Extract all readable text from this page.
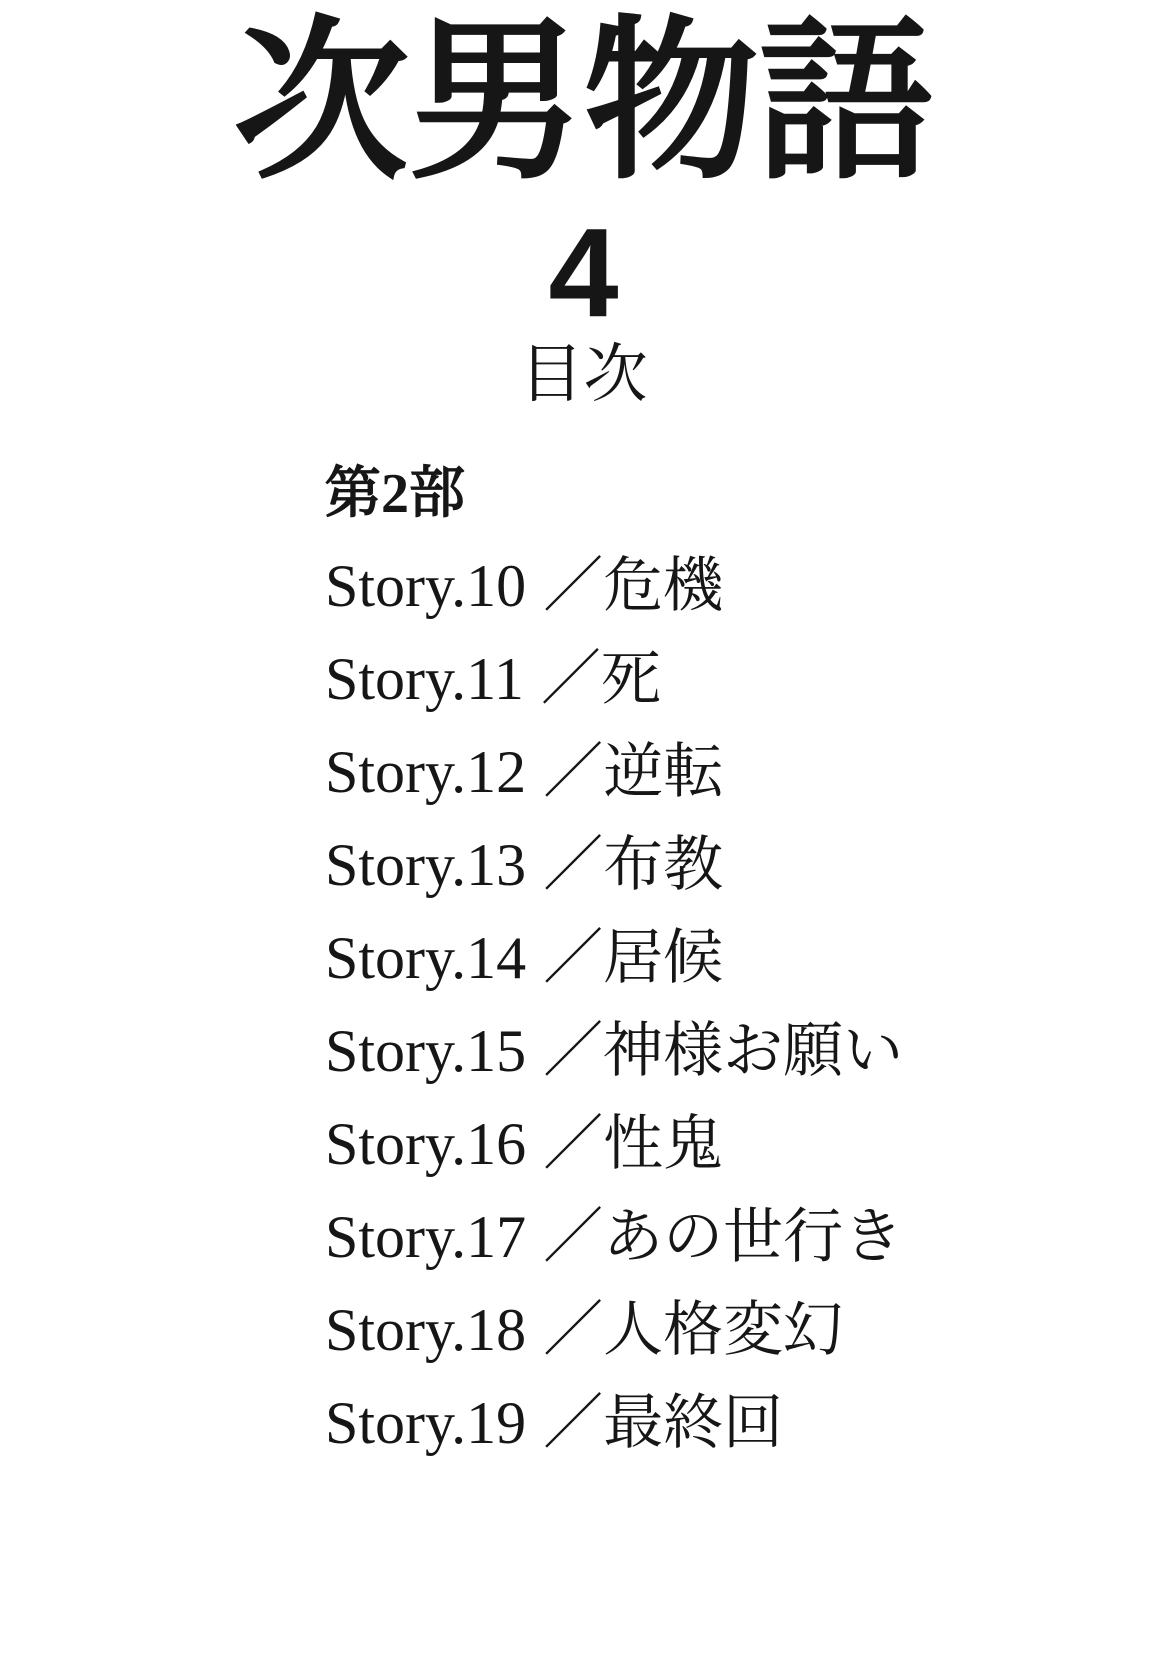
次男物語
4
目次
第2部
Story.10 ／危機
Story.11 ／死
Story.12 ／逆転
Story.13 ／布教
Story.14 ／居候
Story.15 ／神様お願い
Story.16 ／性鬼
Story.17 ／あの世行き
Story.18 ／人格変幻
Story.19 ／最終回
